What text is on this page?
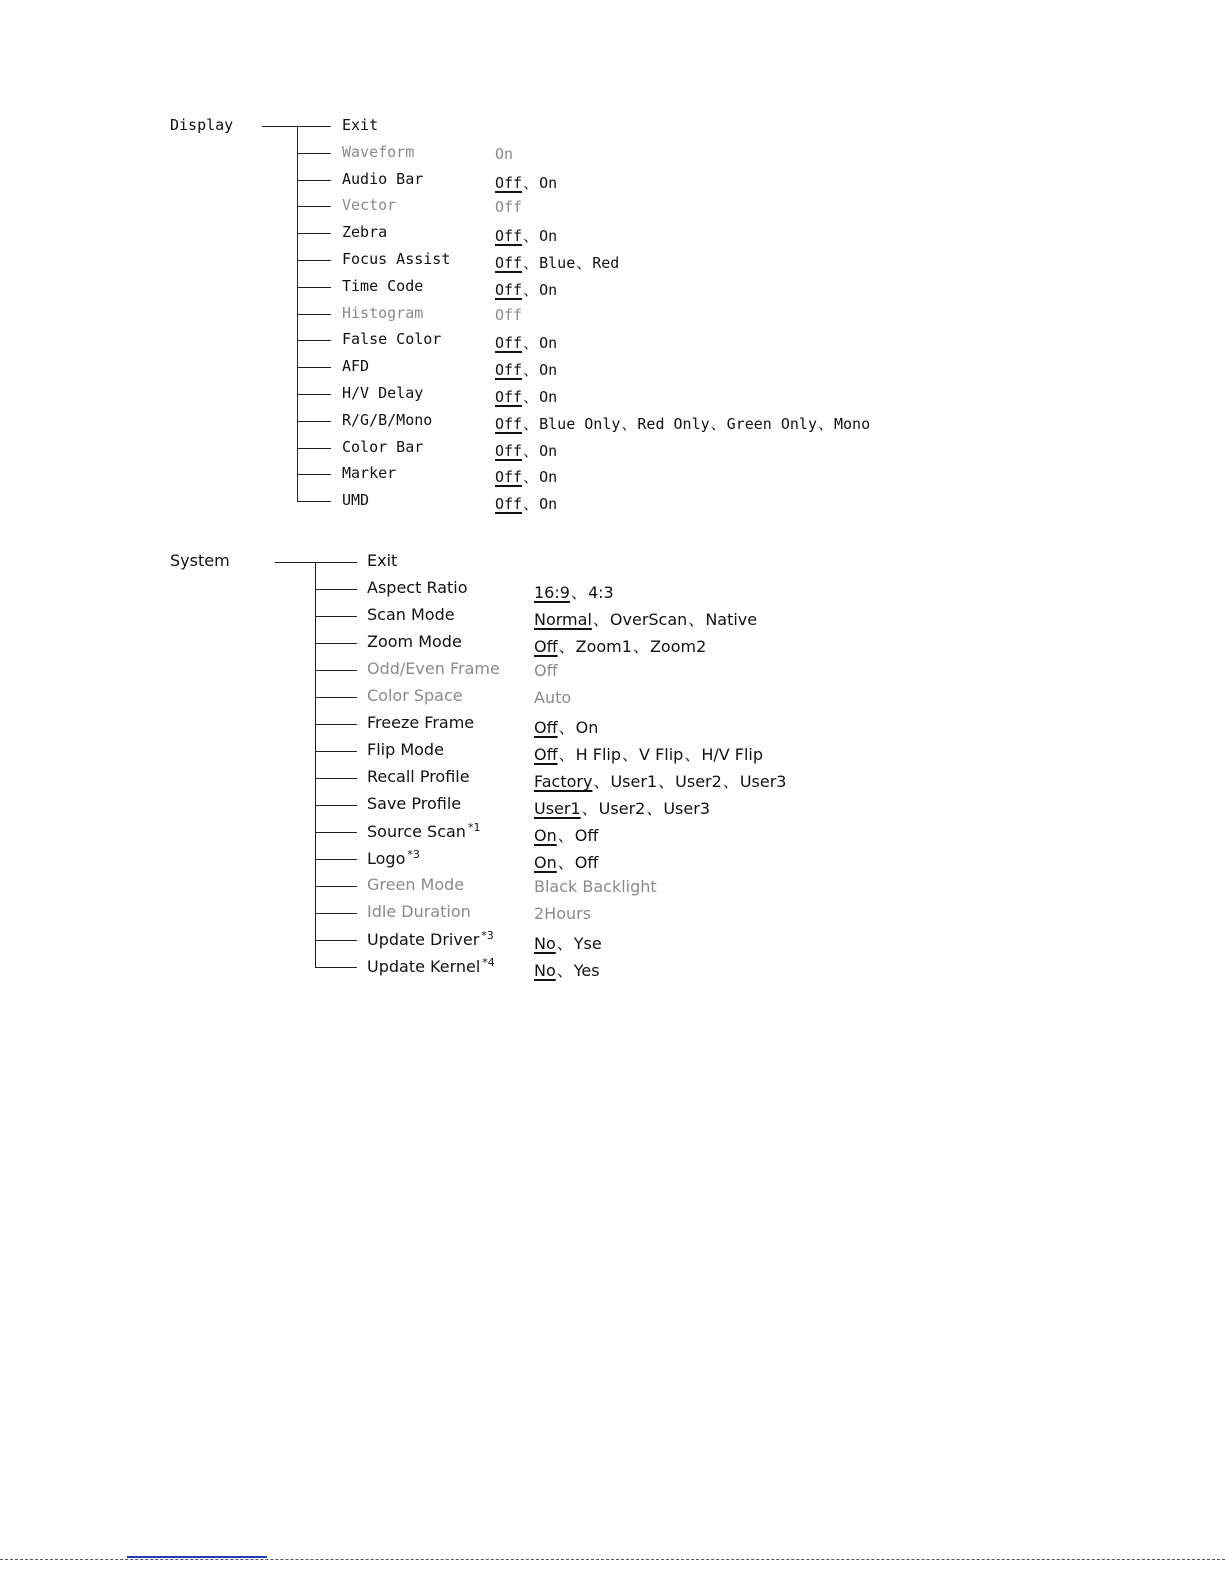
Display	Exit
Waveform	On
Audio Bar	Off、On
Vector	Off
Zebra	Off、On
Focus Assist	Off、Blue、Red
Time Code	Off、On
Histogram	Off
False Color	Off、On
AFD	Off、On
H/V Delay	Off、On
R/G/B/Mono	Off、Blue Only、Red Only、Green Only、Mono
Color Bar	Off、On
Marker	Off、On
UMD	Off、On
System	Exit
Aspect Ratio	16:9、4:3
Scan Mode	Normal、OverScan、Native
Zoom Mode	Off、Zoom1、Zoom2
Odd/Even Frame Off
Color Space	Auto
Freeze Frame	Off、On
Flip Mode	Off、H Flip、V Flip、H/V Flip
Recall Profile	Factory、User1、User2、User3
Save Profile	User1、User2、User3
Source Scan $^{*1}$	On、Off
Logo $^{*3}$	On、Off
Green Mode	Black Backlight
Idle Duration	2Hours
Update Driver $^{*3}$	No、Yse
Update Kernel $^{*4}$ No、Yes
